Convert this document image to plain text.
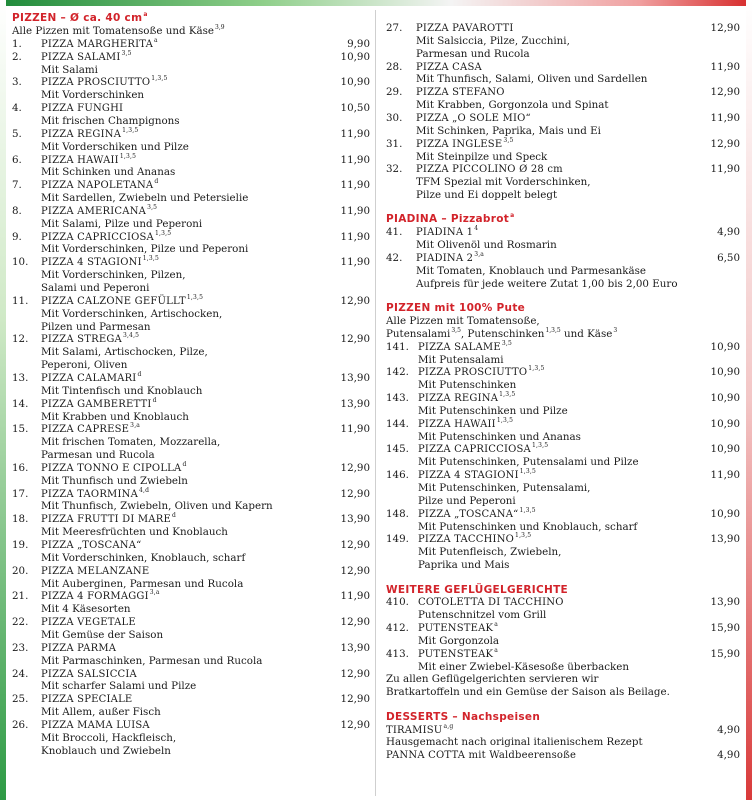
PIZZEN – Ø ca. 40 $cm^a$
Alle Pizzen mit Tomatensoße und Käse$^{3,9}$
1. PIZZA MARGHERITA$^a$	9,90
2. PIZZA SALAMI$^{3,5}$	10,90
Mit Salami
3. PIZZA PROSCIUTTO$^{1,3,5}$	10,90
Mit Vorderschinken
4. PIZZA FUNGHI	10,50
Mit frischen Champignons
5. PIZZA REGINA$^{1,3,5}$	11,90
Mit Vorderschiken und Pilze
6. PIZZA HAWAII$^{1,3,5}$	11,90
Mit Schinken und Ananas
7. PIZZA NAPOLETANA$^d$	11,90
Mit Sardellen, Zwiebeln und Petersielie
8. PIZZA AMERICANA$^{3,5}$	11,90
Mit Salami, Pilze und Peperoni
9. PIZZA CAPRICCIOSA$^{1,3,5}$	11,90
Mit Vorderschinken, Pilze und Peperoni
10. PIZZA 4 STAGIONI$^{1,3,5}$	11,90
Mit Vorderschinken, Pilzen,
Salami und Peperoni
11. PIZZA CALZONE GEFÜLLT$^{1,3,5}$	12,90
Mit Vorderschinken, Artischocken,
Pilzen und Parmesan
12. PIZZA STREGA$^{3,4,5}$	12,90
Mit Salami, Artischocken, Pilze,
Peperoni, Oliven
13. PIZZA CALAMARI$^d$	13,90
Mit Tintenfisch und Knoblauch
14. PIZZA GAMBERETTI$^d$	13,90
Mit Krabben und Knoblauch
15. PIZZA CAPRESE$^{3,a}$	11,90
Mit frischen Tomaten, Mozzarella,
Parmesan und Rucola
16. PIZZA TONNO E CIPOLLA$^d$	12,90
Mit Thunfisch und Zwiebeln
17. PIZZA TAORMINA$^{4,d}$	12,90
Mit Thunfisch, Zwiebeln, Oliven und Kapern
18. PIZZA FRUTTI DI MARE$^d$	13,90
Mit Meeresfrüchten und Knoblauch
19. PIZZA „TOSCANA“	12,90
Mit Vorderschinken, Knoblauch, scharf
20. PIZZA MELANZANE	12,90
Mit Auberginen, Parmesan und Rucola
21. PIZZA 4 FORMAGGI$^{3,a}$	11,90
Mit 4 Käsesorten
22. PIZZA VEGETALE	12,90
Mit Gemüse der Saison
23. PIZZA PARMA	13,90
Mit Parmaschinken, Parmesan und Rucola
24. PIZZA SALSICCIA	12,90
Mit scharfer Salami und Pilze
25. PIZZA SPECIALE	12,90
Mit Allem, außer Fisch
26. PIZZA MAMA LUISA	12,90
Mit Broccoli, Hackfleisch,
Knoblauch und Zwiebeln
27. PIZZA PAVAROTTI	12,90
Mit Salsiccia, Pilze, Zucchini,
Parmesan und Rucola
28. PIZZA CASA	11,90
Mit Thunfisch, Salami, Oliven und Sardellen
29. PIZZA STEFANO	12,90
Mit Krabben, Gorgonzola und Spinat
30. PIZZA „O SOLE MIO“	11,90
Mit Schinken, Paprika, Mais und Ei
31. PIZZA INGLESE$^{3,5}$	12,90
Mit Steinpilze und Speck
32. PIZZA PICCOLINO Ø 28 cm	11,90
TFM Spezial mit Vorderschinken,
Pilze und Ei doppelt belegt
PIADINA – Pizzabrot$^a$
41. PIADINA $1^4$	4,90
Mit Olivenöl und Rosmarin
42. PIADINA 2$^{3,a}$	6,50
Mit Tomaten, Knoblauch und Parmesankäse
Aufpreis für jede weitere Zutat 1,00 bis 2,00 Euro
PIZZEN mit 100% Pute
Alle Pizzen mit Tomatensoße,
Putensalami$^{3,5}$, Putenschinken$^{1,3,5}$ und Käse$^3$
141. PIZZA SALAME$^{3,5}$	10,90
Mit Putensalami
142. PIZZA PROSCIUTTO$^{1,3,5}$	10,90
Mit Putenschinken
143. PIZZA REGINA$^{1,3,5}$	10,90
Mit Putenschinken und Pilze
144. PIZZA HAWAII$^{1,3,5}$	10,90
Mit Putenschinken und Ananas
145. PIZZA CAPRICCIOSA$^{1,3,5}$	10,90
Mit Putenschinken, Putensalami und Pilze
146. PIZZA 4 STAGIONI$^{1,3,5}$	11,90
Mit Putenschinken, Putensalami,
Pilze und Peperoni
148. PIZZA „TOSCANA“$^{1,3,5}$	10,90
Mit Putenschinken und Knoblauch, scharf
149. PIZZA TACCHINO$^{1,3,5}$	13,90
Mit Putenfleisch, Zwiebeln,
Paprika und Mais
WEITERE GEFLÜGELGERICHTE
410. COTOLETTA DI TACCHINO	13,90
Putenschnitzel vom Grill
412. PUTENSTEAK$^a$	15,90
Mit Gorgonzola
413. PUTENSTEAK$^a$	15,90
Mit einer Zwiebel-Käsesoße überbacken
Zu allen Geflügelgerichten servieren wir
Bratkartoffeln und ein Gemüse der Saison als Beilage.
DESSERTS – Nachspeisen
TIRAMISU$^{a,g}$	4,90
Hausgemacht nach original italienischem Rezept
PANNA COTTA mit Waldbeerensoße	4,90
